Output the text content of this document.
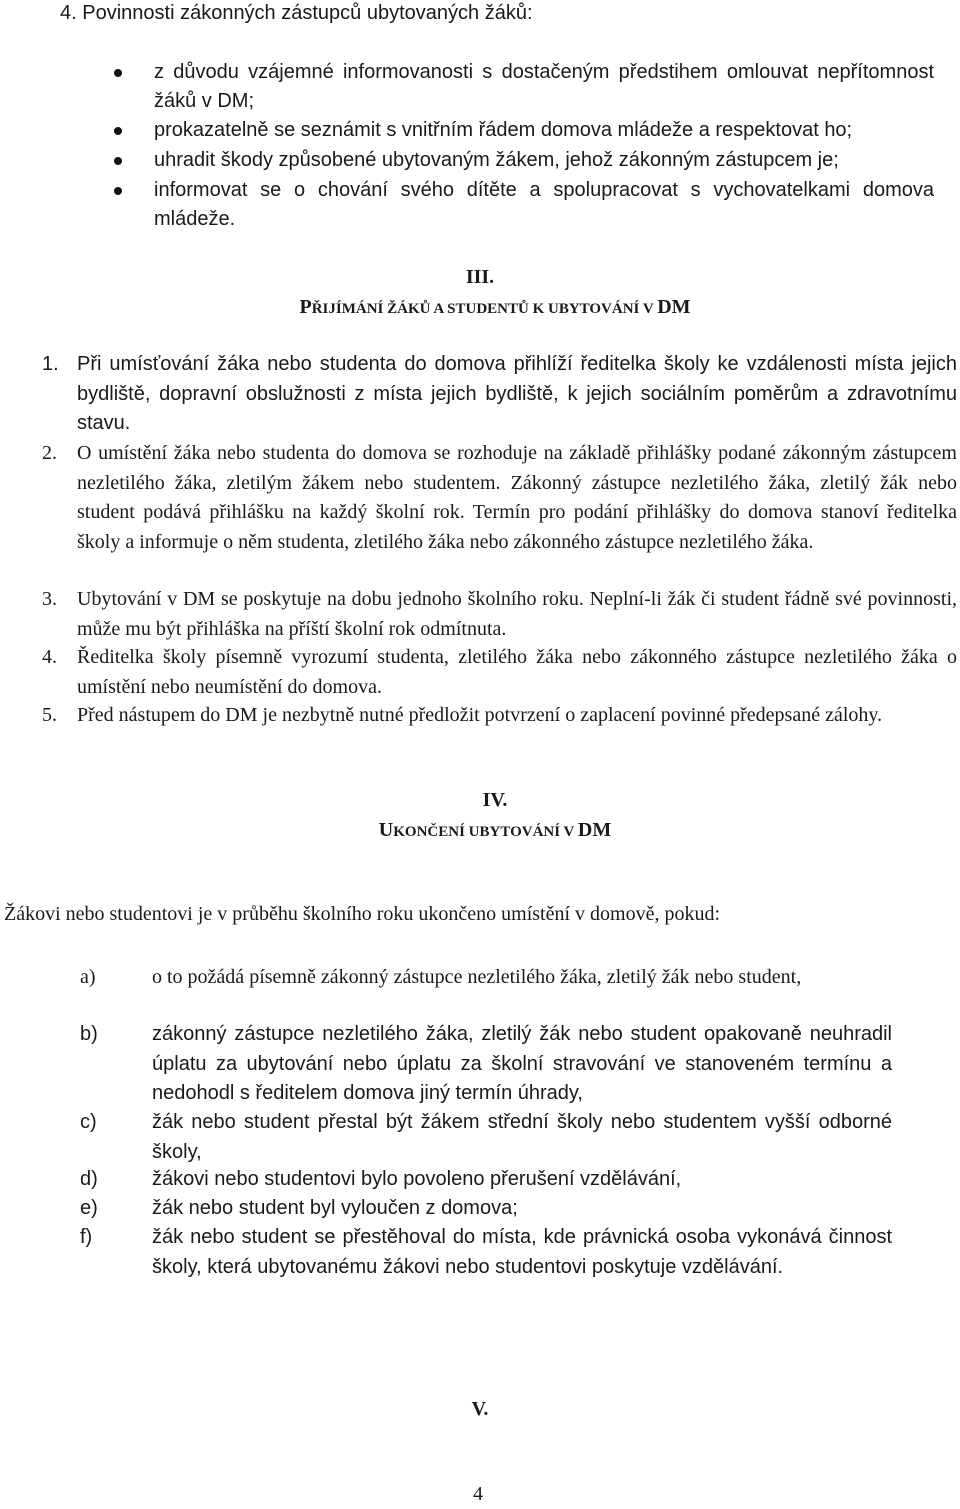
4. Povinnosti zákonných zástupců ubytovaných žáků:
z důvodu vzájemné informovanosti s dostačeným předstihem omlouvat nepřítomnost žáků v DM;
prokazatelně se seznámit s vnitřním řádem domova mládeže a respektovat ho;
uhradit škody způsobené ubytovaným žákem, jehož zákonným zástupcem je;
informovat se o chování svého dítěte a spolupracovat s vychovatelkami domova mládeže.
III.
PŘIJÍMÁNÍ ŽÁKŮ A STUDENTŮ K UBYTOVÁNÍ V DM
1. Při umísťování žáka nebo studenta do domova přihlíží ředitelka školy ke vzdálenosti místa jejich bydliště, dopravní obslužnosti z místa jejich bydliště, k jejich sociálním poměrům a zdravotnímu stavu.
2. O umístění žáka nebo studenta do domova se rozhoduje na základě přihlášky podané zákonným zástupcem nezletilého žáka, zletilým žákem nebo studentem. Zákonný zástupce nezletilého žáka, zletilý žák nebo student podává přihlášku na každý školní rok. Termín pro podání přihlášky do domova stanoví ředitelka školy a informuje o něm studenta, zletilého žáka nebo zákonného zástupce nezletilého žáka.
3. Ubytování v DM se poskytuje na dobu jednoho školního roku. Neplní-li žák či student řádně své povinnosti, může mu být přihláška na příští školní rok odmítnuta.
4. Ředitelka školy písemně vyrozumí studenta, zletilého žáka nebo zákonného zástupce nezletilého žáka o umístění nebo neumístění do domova.
5. Před nástupem do DM je nezbytně nutné předložit potvrzení o zaplacení povinné předepsané zálohy.
IV.
UKONČENÍ UBYTOVÁNÍ V DM
Žákovi nebo studentovi je v průběhu školního roku ukončeno umístění v domově, pokud:
a)	o to požádá písemně zákonný zástupce nezletilého žáka, zletilý žák nebo student,
b)	zákonný zástupce nezletilého žáka, zletilý žák nebo student opakovaně neuhradil úplatu za ubytování nebo úplatu za školní stravování ve stanoveném termínu a nedohodl s ředitelem domova jiný termín úhrady,
c)	žák nebo student přestal být žákem střední školy nebo studentem vyšší odborné školy,
d)	žákovi nebo studentovi bylo povoleno přerušení vzdělávání,
e)	žák nebo student byl vyloučen z domova;
f)	žák nebo student se přestěhoval do místa, kde právnická osoba vykonává činnost školy, která ubytovanému žákovi nebo studentovi poskytuje vzdělávání.
V.
4
